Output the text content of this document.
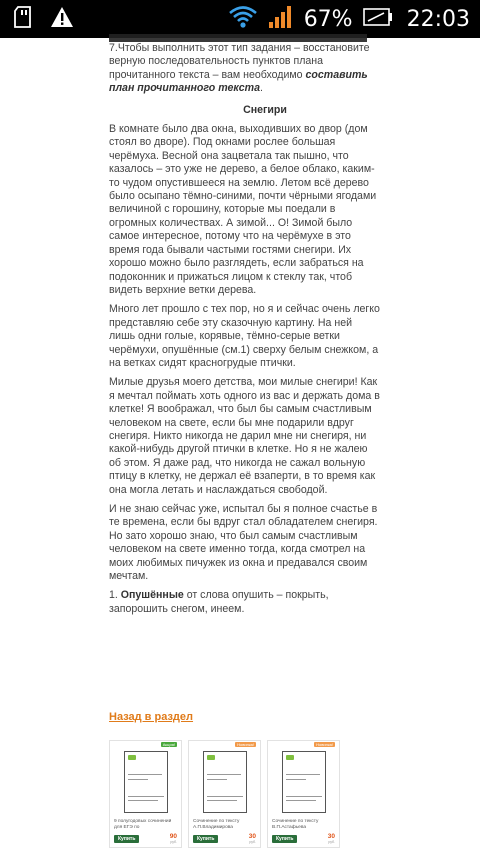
67% 22:03

7.Чтобы выполнить этот тип задания – восстановите верную последовательность пунктов плана прочитанного текста – вам необходимо составить план прочитанного текста.

Снегири

В комнате было два окна, выходивших во двор (дом стоял во дворе). Под окнами рослее большая черёмуха. Весной она зацветала так пышно, что казалось – это уже не дерево, а белое облако, каким-то чудом опустившееся на землю. Летом всё дерево было осыпано тёмно-синими, почти чёрными ягодами величиной с горошину, которые мы поедали в огромных количествах. А зимой... О! Зимой было самое интересное, потому что на черёмухе в это время года бывали частыми гостями снегири. Их хорошо можно было разглядеть, если забраться на подоконник и прижаться лицом к стеклу так, чтоб видеть верхние ветки дерева.

Много лет прошло с тех пор, но я и сейчас очень легко представляю себе эту сказочную картину. На ней лишь одни голые, корявые, тёмно-серые ветки черёмухи, опушённые (см.1) сверху белым снежком, а на ветках сидят красногрудые птички.

Милые друзья моего детства, мои милые снегири! Как я мечтал поймать хоть одного из вас и держать дома в клетке! Я воображал, что был бы самым счастливым человеком на свете, если бы мне подарили вдруг снегиря. Никто никогда не дарил мне ни снегиря, ни какой-нибудь другой птички в клетке. Но я не жалею об этом. Я даже рад, что никогда не сажал вольную птицу в клетку, не держал её взаперти, в то время как она могла летать и наслаждаться свободой.

И не знаю сейчас уже, испытал бы я полное счастье в те времена, если бы вдруг стал обладателем снегиря. Но зато хорошо знаю, что был самым счастливым человеком на свете именно тогда, когда смотрел на моих любимых пичужек из окна и предавался своим мечтам.

1. Опушённые от слова опушить – покрыть, запорошить снегом, инеем.

Назад в раздел
Акция!
9 полугодовых сочинений для ЕГЭ по
Купить	90
руб.
Новинка!
Сочинение по тексту А.П.Владимирова
Купить	30
руб.
Новинка!
Сочинение по тексту В.П.Астафьева
Купить	30
руб.
